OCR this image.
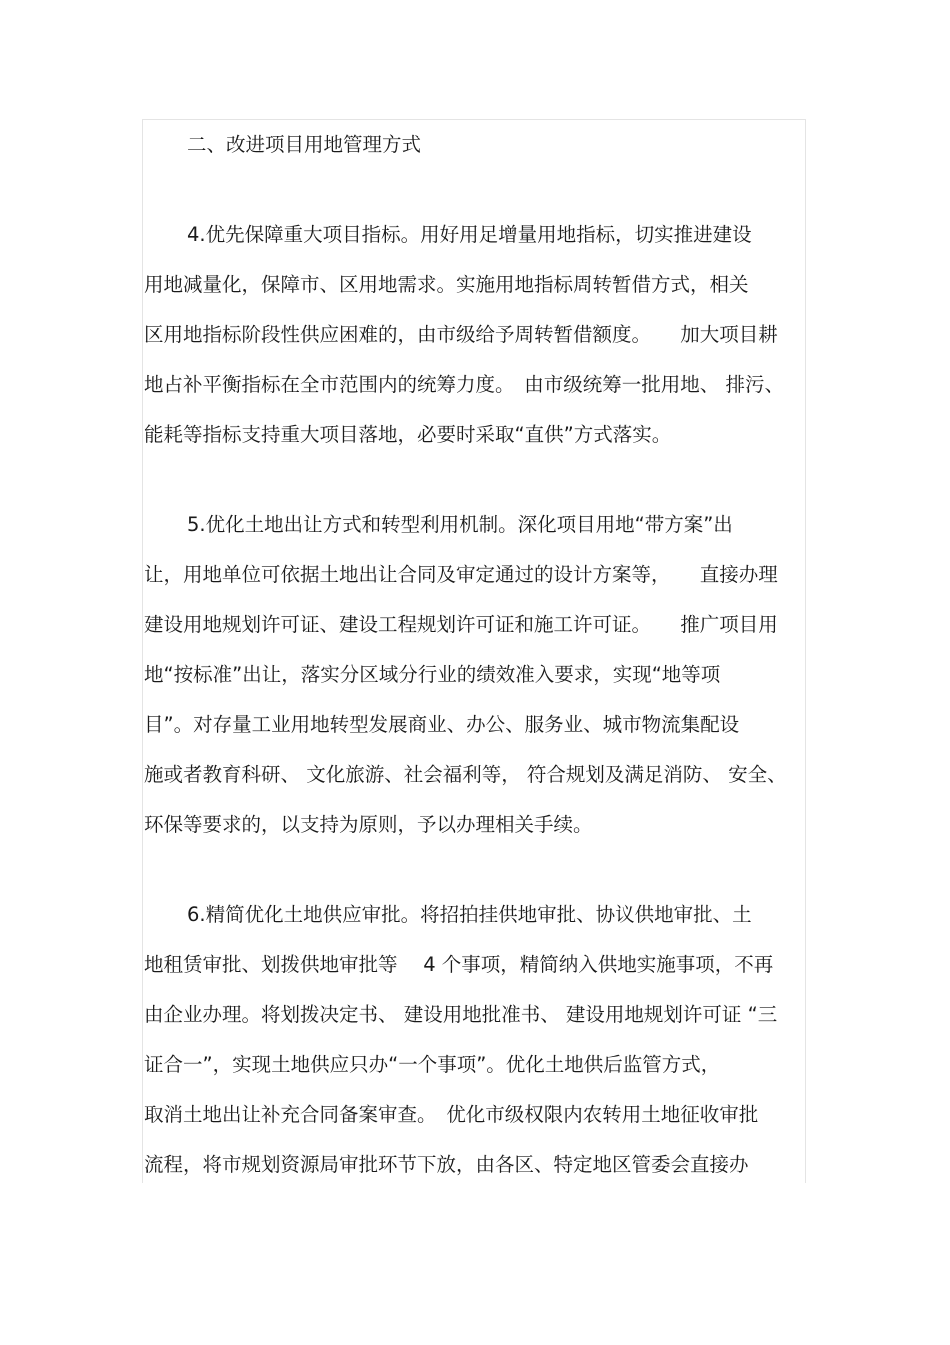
二、改进项目用地管理方式
4.优先保障重大项目指标。用好用足增量用地指标，切实推进建设
用地减量化，保障市、区用地需求。实施用地指标周转暂借方式，相关
区用地指标阶段性供应困难的，由市级给予周转暂借额度。　　加大项目耕
地占补平衡指标在全市范围内的统筹力度。　由市级统筹一批用地、 排污、
能耗等指标支持重大项目落地，必要时采取“直供”方式落实。
5.优化土地出让方式和转型利用机制。深化项目用地“带方案”出
让，用地单位可依据土地出让合同及审定通过的设计方案等，　　直接办理
建设用地规划许可证、建设工程规划许可证和施工许可证。　　推广项目用
地“按标准”出让，落实分区域分行业的绩效准入要求，实现“地等项
目”。对存量工业用地转型发展商业、办公、服务业、城市物流集配设
施或者教育科研、 文化旅游、社会福利等， 符合规划及满足消防、 安全、
环保等要求的，以支持为原则，予以办理相关手续。
6.精简优化土地供应审批。将招拍挂供地审批、协议供地审批、土
地租赁审批、划拨供地审批等　 4 个事项，精简纳入供地实施事项，不再
由企业办理。将划拨决定书、 建设用地批准书、 建设用地规划许可证 “三
证合一”，实现土地供应只办“一个事项”。优化土地供后监管方式，
取消土地出让补充合同备案审查。　优化市级权限内农转用土地征收审批
流程，将市规划资源局审批环节下放，由各区、特定地区管委会直接办
